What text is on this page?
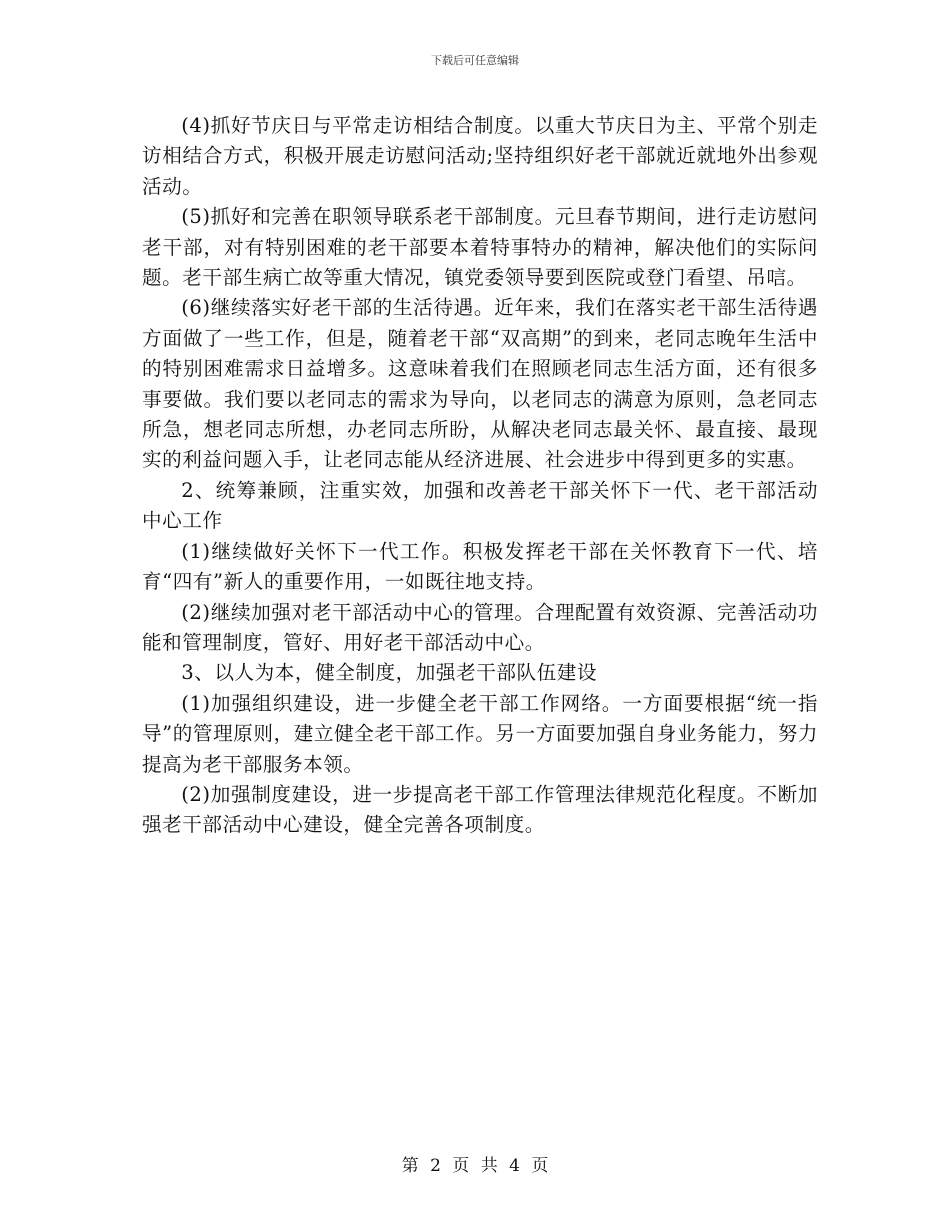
下载后可任意编辑

(4)抓好节庆日与平常走访相结合制度。以重大节庆日为主、平常个别走访相结合方式，积极开展走访慰问活动;坚持组织好老干部就近就地外出参观活动。

(5)抓好和完善在职领导联系老干部制度。元旦春节期间，进行走访慰问老干部，对有特别困难的老干部要本着特事特办的精神，解决他们的实际问题。老干部生病亡故等重大情况，镇党委领导要到医院或登门看望、吊唁。

(6)继续落实好老干部的生活待遇。近年来，我们在落实老干部生活待遇方面做了一些工作，但是，随着老干部“双高期”的到来，老同志晚年生活中的特别困难需求日益增多。这意味着我们在照顾老同志生活方面，还有很多事要做。我们要以老同志的需求为导向，以老同志的满意为原则，急老同志所急，想老同志所想，办老同志所盼，从解决老同志最关怀、最直接、最现实的利益问题入手，让老同志能从经济进展、社会进步中得到更多的实惠。

2、统筹兼顾，注重实效，加强和改善老干部关怀下一代、老干部活动中心工作

(1)继续做好关怀下一代工作。积极发挥老干部在关怀教育下一代、培育“四有”新人的重要作用，一如既往地支持。

(2)继续加强对老干部活动中心的管理。合理配置有效资源、完善活动功能和管理制度，管好、用好老干部活动中心。

3、以人为本，健全制度，加强老干部队伍建设

(1)加强组织建设，进一步健全老干部工作网络。一方面要根据“统一指导”的管理原则，建立健全老干部工作。另一方面要加强自身业务能力，努力提高为老干部服务本领。

(2)加强制度建设，进一步提高老干部工作管理法律规范化程度。不断加强老干部活动中心建设，健全完善各项制度。

第 2 页 共 4 页
